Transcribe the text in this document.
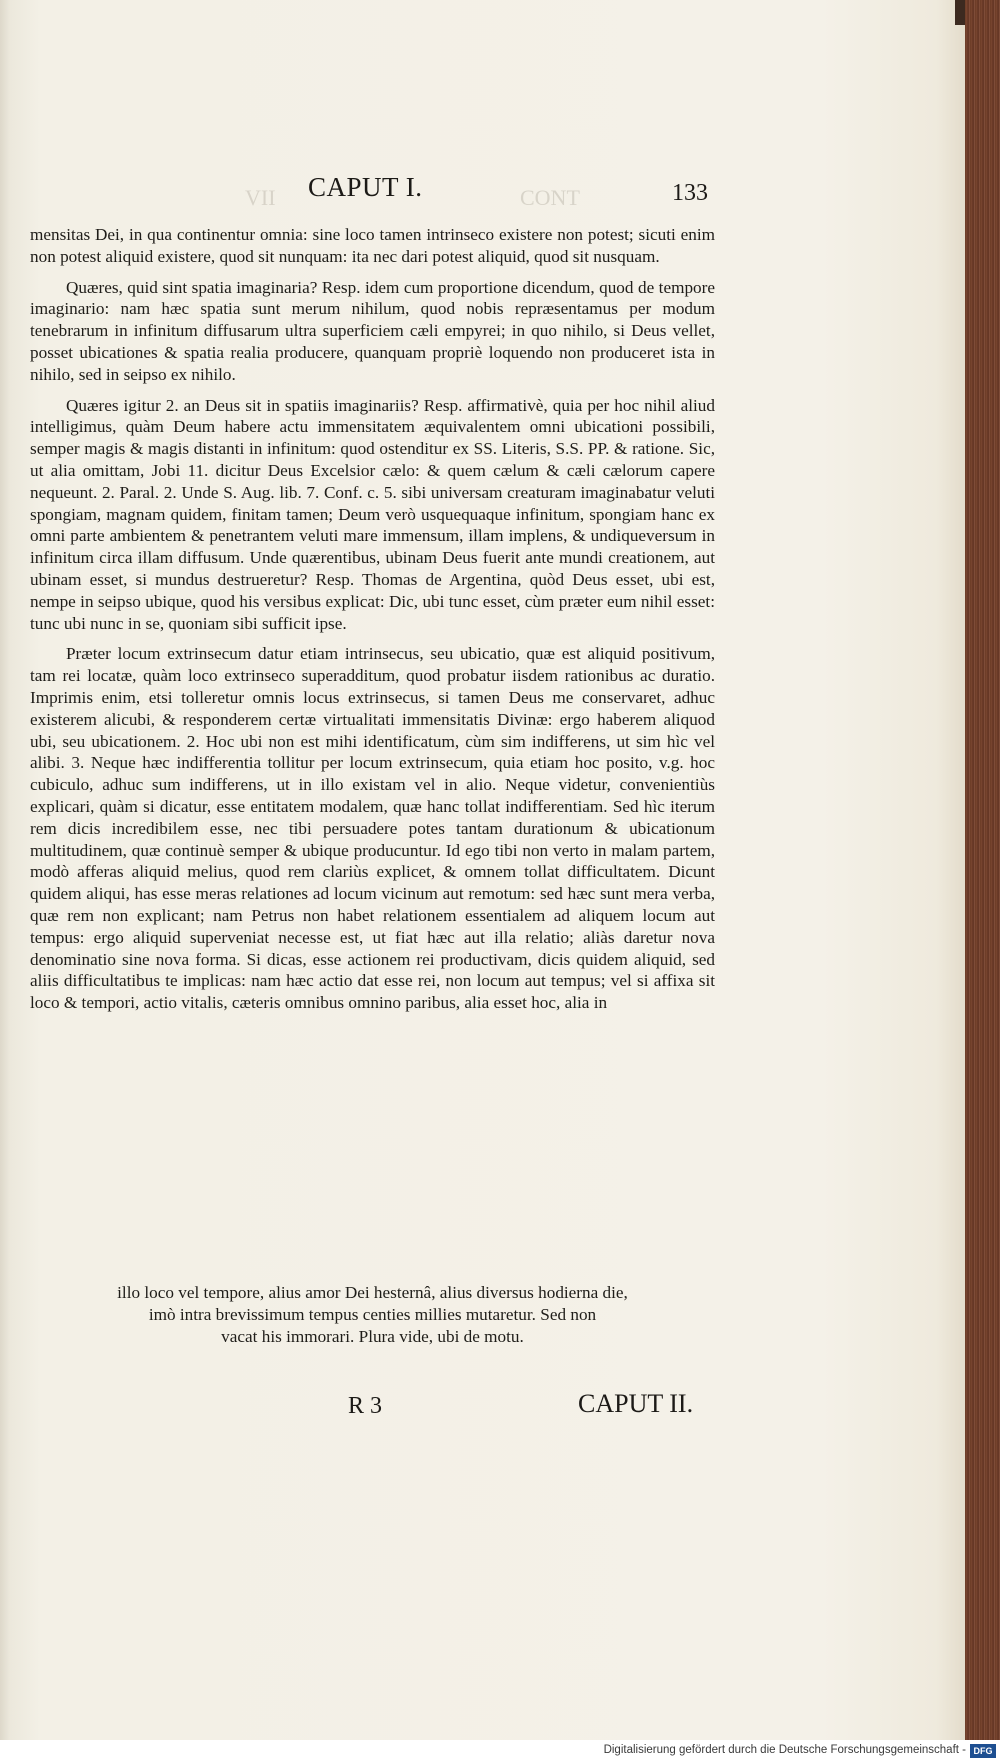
VII	CONT
CAPUT I.	133

mensitas Dei, in qua continentur omnia: sine loco tamen intrinseco existere non potest; sicuti enim non potest aliquid existere, quod sit nunquam: ita nec dari potest aliquid, quod sit nusquam.

Quæres, quid sint spatia imaginaria? Resp. idem cum proportione dicendum, quod de tempore imaginario: nam hæc spatia sunt merum nihilum, quod nobis repræsentamus per modum tenebrarum in infinitum diffusarum ultra superficiem cæli empyrei; in quo nihilo, si Deus vellet, posset ubicationes & spatia realia producere, quanquam propriè loquendo non produceret ista in nihilo, sed in seipso ex nihilo.

Quæres igitur 2. an Deus sit in spatiis imaginariis? Resp. affirmativè, quia per hoc nihil aliud intelligimus, quàm Deum habere actu immensitatem æquivalentem omni ubicationi possibili, semper magis & magis distanti in infinitum: quod ostenditur ex SS. Literis, S.S. PP. & ratione. Sic, ut alia omittam, Jobi 11. dicitur Deus Excelsior cælo: & quem cælum & cæli cælorum capere nequeunt. 2. Paral. 2. Unde S. Aug. lib. 7. Conf. c. 5. sibi universam creaturam imaginabatur veluti spongiam, magnam quidem, finitam tamen; Deum verò usquequaque infinitum, spongiam hanc ex omni parte ambientem & penetrantem veluti mare immensum, illam implens, & undiqueversum in infinitum circa illam diffusum. Unde quærentibus, ubinam Deus fuerit ante mundi creationem, aut ubinam esset, si mundus destrueretur? Resp. Thomas de Argentina, quòd Deus esset, ubi est, nempe in seipso ubique, quod his versibus explicat: Dic, ubi tunc esset, cùm præter eum nihil esset: tunc ubi nunc in se, quoniam sibi sufficit ipse.

Præter locum extrinsecum datur etiam intrinsecus, seu ubicatio, quæ est aliquid positivum, tam rei locatæ, quàm loco extrinseco superadditum, quod probatur iisdem rationibus ac duratio. Imprimis enim, etsi tolleretur omnis locus extrinsecus, si tamen Deus me conservaret, adhuc existerem alicubi, & responderem certæ virtualitati immensitatis Divinæ: ergo haberem aliquod ubi, seu ubicationem. 2. Hoc ubi non est mihi identificatum, cùm sim indifferens, ut sim hìc vel alibi. 3. Neque hæc indifferentia tollitur per locum extrinsecum, quia etiam hoc posito, v.g. hoc cubiculo, adhuc sum indifferens, ut in illo existam vel in alio. Neque videtur, convenientiùs explicari, quàm si dicatur, esse entitatem modalem, quæ hanc tollat indifferentiam. Sed hìc iterum rem dicis incredibilem esse, nec tibi persuadere potes tantam durationum & ubicationum multitudinem, quæ continuè semper & ubique producuntur. Id ego tibi non verto in malam partem, modò afferas aliquid melius, quod rem clariùs explicet, & omnem tollat difficultatem. Dicunt quidem aliqui, has esse meras relationes ad locum vicinum aut remotum: sed hæc sunt mera verba, quæ rem non explicant; nam Petrus non habet relationem essentialem ad aliquem locum aut tempus: ergo aliquid superveniat necesse est, ut fiat hæc aut illa relatio; aliàs daretur nova denominatio sine nova forma. Si dicas, esse actionem rei productivam, dicis quidem aliquid, sed aliis difficultatibus te implicas: nam hæc actio dat esse rei, non locum aut tempus; vel si affixa sit loco & tempori, actio vitalis, cæteris omnibus omnino paribus, alia esset hoc, alia in

illo loco vel tempore, alius amor Dei hesternâ, alius diversus hodierna die,
imò intra brevissimum tempus centies millies mutaretur. Sed non
vacat his immorari. Plura vide, ubi de motu.
R 3	CAPUT II.
Digitalisierung gefördert durch die Deutsche Forschungsgemeinschaft - DFG
